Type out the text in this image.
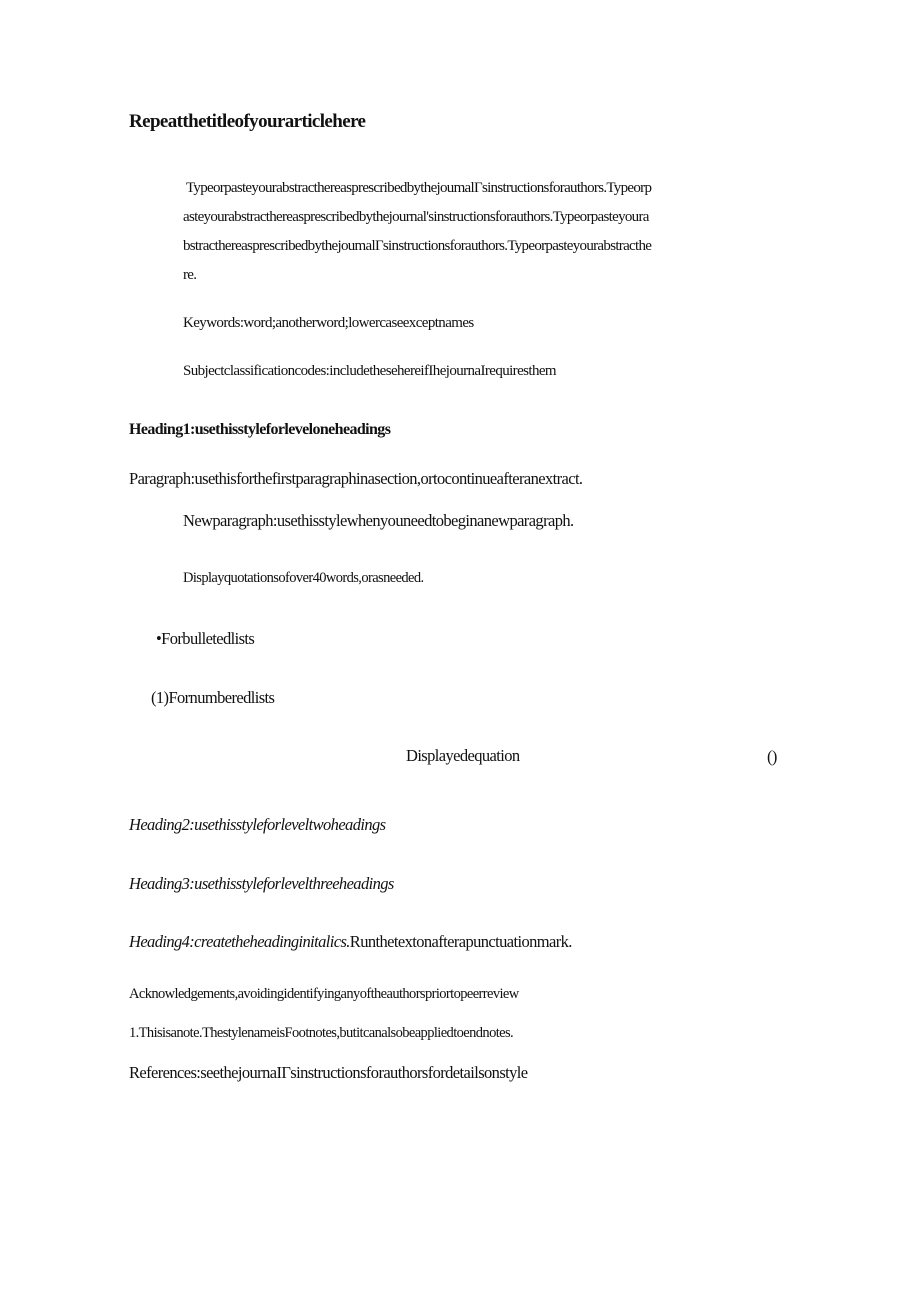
Repeatthetitleofyourarticlehere

TypeorpasteyourabstracthereasprescribedbythejoumalΓsinstructionsforauthors.Typeorp

asteyourabstracthereasprescribedbythejournal'sinstructionsforauthors.Typeorpasteyoura

bstracthereasprescribedbythejoumalΓsinstructionsforauthors.Typeorpasteyourabstracthe

re.

Keywords:word;anotherword;lowercaseexceptnames
Subjectclassificationcodes:includethesehereifIhejournaIrequiresthem
Heading1:usethisstyleforleveloneheadings
Paragraph:usethisforthefirstparagraphinasection,ortocontinueafteranextract.
Newparagraph:usethisstylewhenyouneedtobeginanewparagraph.
Displayquotationsofover40words,orasneeded.
•Forbulletedlists
(1)Fornumberedlists
Displayedequation	()
Heading2:usethisstyleforleveltwoheadings
Heading3:usethisstyleforlevelthreeheadings
Heading4:createtheheadinginitalics.Runthetextonafterapunctuationmark.
Acknowledgements,avoidingidentifyinganyoftheauthorspriortopeerreview
1.Thisisanote.ThestylenameisFootnotes,butitcanalsobeappliedtoendnotes.
References:seethejournaIΓsinstructionsforauthorsfordetailsonstyle
